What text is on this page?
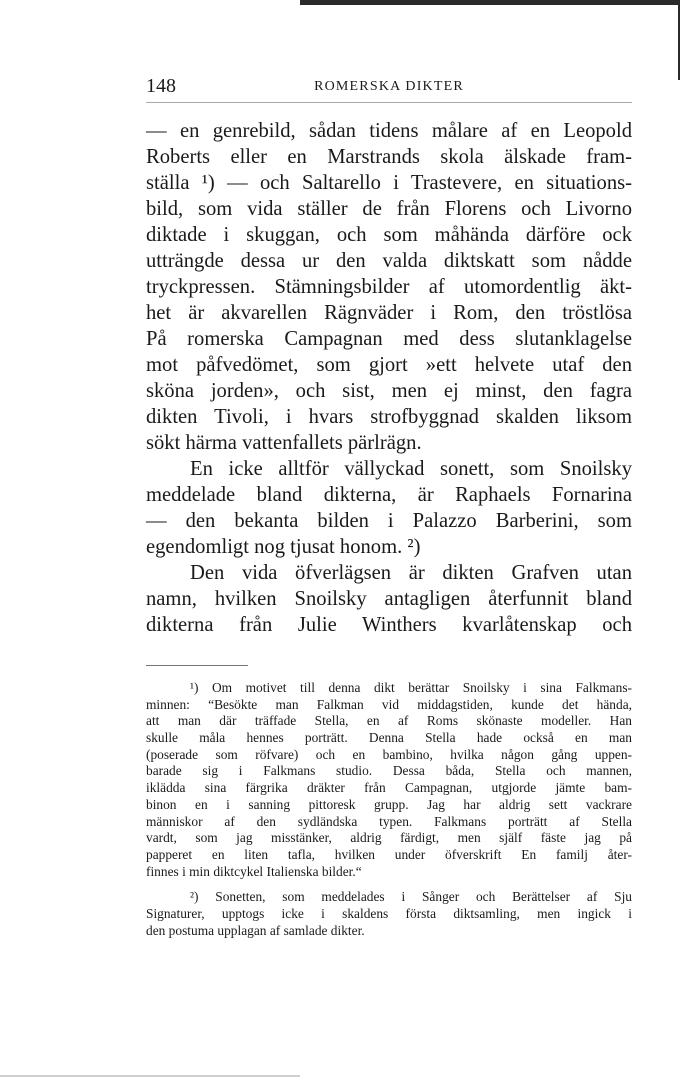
148	ROMERSKA DIKTER
— en genrebild, sådan tidens målare af en Leopold
Roberts eller en Marstrands skola älskade fram-
ställa ¹) — och Saltarello i Trastevere, en situations-
bild, som vida ställer de från Florens och Livorno
diktade i skuggan, och som måhända därföre ock
utträngde dessa ur den valda diktskatt som nådde
tryckpressen. Stämningsbilder af utomordentlig äkt-
het är akvarellen Rägnväder i Rom, den tröstlösa
På romerska Campagnan med dess slutanklagelse
mot påfvedömet, som gjort »ett helvete utaf den
sköna jorden», och sist, men ej minst, den fagra
dikten Tivoli, i hvars strofbyggnad skalden liksom
sökt härma vattenfallets pärlrägn.
En icke alltför vällyckad sonett, som Snoilsky
meddelade bland dikterna, är Raphaels Fornarina
— den bekanta bilden i Palazzo Barberini, som
egendomligt nog tjusat honom. ²)
Den vida öfverlägsen är dikten Grafven utan
namn, hvilken Snoilsky antagligen återfunnit bland
dikterna från Julie Winthers kvarlåtenskap och
¹) Om motivet till denna dikt berättar Snoilsky i sina Falkmans-
minnen: “Besökte man Falkman vid middagstiden, kunde det hända,
att man där träffade Stella, en af Roms skönaste modeller. Han
skulle måla hennes porträtt. Denna Stella hade också en man
(poserade som röfvare) och en bambino, hvilka någon gång uppen-
barade sig i Falkmans studio. Dessa båda, Stella och mannen,
iklädda sina färgrika dräkter från Campagnan, utgjorde jämte bam-
binon en i sanning pittoresk grupp. Jag har aldrig sett vackrare
människor af den sydländska typen. Falkmans porträtt af Stella
vardt, som jag misstänker, aldrig färdigt, men själf fäste jag på
papperet en liten tafla, hvilken under öfverskrift En familj åter-
finnes i min diktcykel Italienska bilder.“
²) Sonetten, som meddelades i Sånger och Berättelser af Sju
Signaturer, upptogs icke i skaldens första diktsamling, men ingick i
den postuma upplagan af samlade dikter.
